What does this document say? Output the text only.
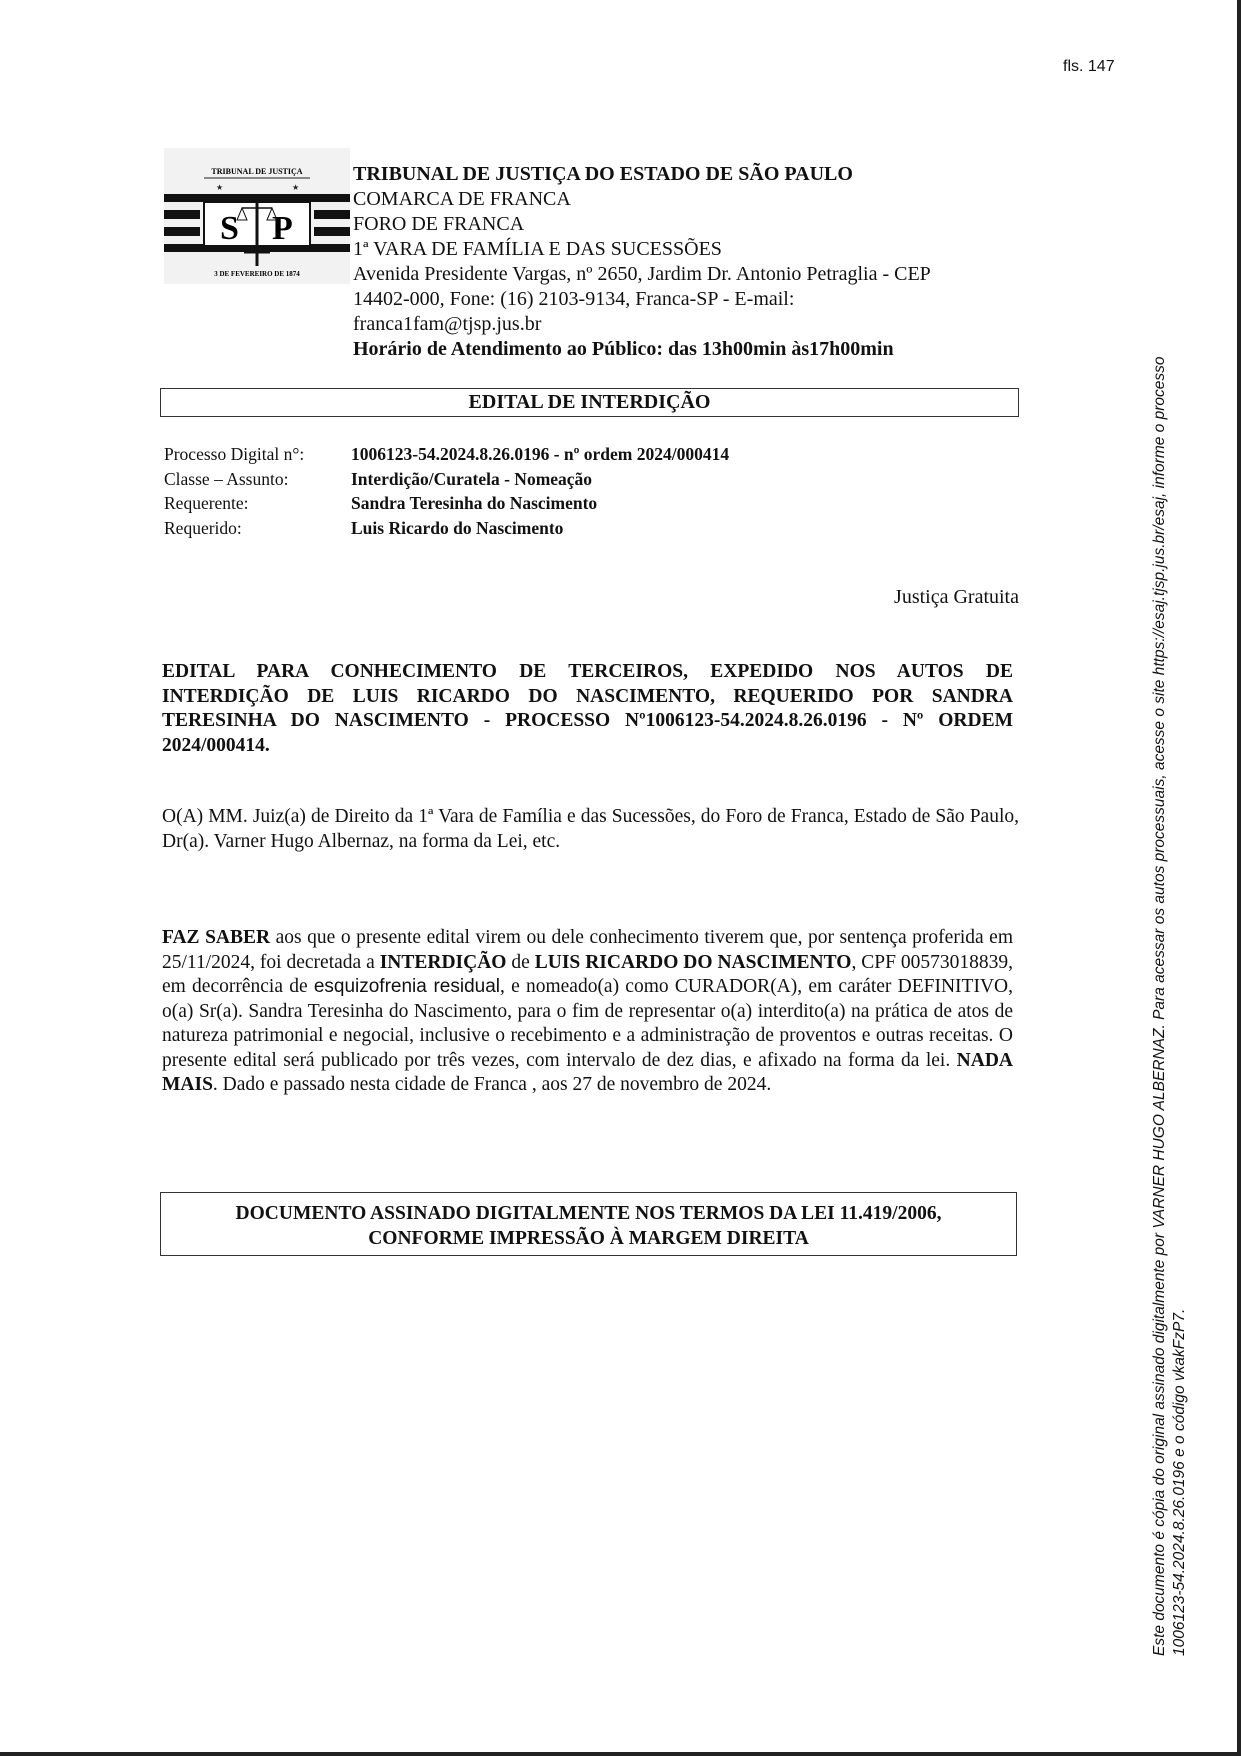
fls. 147
TRIBUNAL DE JUSTIÇA
★	★
S P
3 DE FEVEREIRO DE 1874
TRIBUNAL DE JUSTIÇA DO ESTADO DE SÃO PAULO
COMARCA DE FRANCA
FORO DE FRANCA
1ª VARA DE FAMÍLIA E DAS SUCESSÕES
Avenida Presidente Vargas, nº 2650, Jardim Dr. Antonio Petraglia - CEP
14402-000, Fone: (16) 2103-9134, Franca-SP - E-mail:
franca1fam@tjsp.jus.br
Horário de Atendimento ao Público: das 13h00min às17h00min
EDITAL DE INTERDIÇÃO
Processo Digital n°:	1006123-54.2024.8.26.0196 - nº ordem 2024/000414
Classe – Assunto:	Interdição/Curatela - Nomeação
Requerente:	Sandra Teresinha do Nascimento
Requerido:	Luis Ricardo do Nascimento
Justiça Gratuita
EDITAL PARA CONHECIMENTO DE TERCEIROS, EXPEDIDO NOS AUTOS DE INTERDIÇÃO DE LUIS RICARDO DO NASCIMENTO, REQUERIDO POR SANDRA TERESINHA DO NASCIMENTO - PROCESSO Nº1006123-54.2024.8.26.0196 - Nº ORDEM 2024/000414.
O(A) MM. Juiz(a) de Direito da 1ª Vara de Família e das Sucessões, do Foro de Franca, Estado de São Paulo, Dr(a). Varner Hugo Albernaz, na forma da Lei, etc.
FAZ SABER aos que o presente edital virem ou dele conhecimento tiverem que, por sentença proferida em 25/11/2024, foi decretada a INTERDIÇÃO de LUIS RICARDO DO NASCIMENTO, CPF 00573018839, em decorrência de esquizofrenia residual, e nomeado(a) como CURADOR(A), em caráter DEFINITIVO, o(a) Sr(a). Sandra Teresinha do Nascimento, para o fim de representar o(a) interdito(a) na prática de atos de natureza patrimonial e negocial, inclusive o recebimento e a administração de proventos e outras receitas. O presente edital será publicado por três vezes, com intervalo de dez dias, e afixado na forma da lei. NADA MAIS. Dado e passado nesta cidade de Franca , aos 27 de novembro de 2024.
DOCUMENTO ASSINADO DIGITALMENTE NOS TERMOS DA LEI 11.419/2006,
CONFORME IMPRESSÃO À MARGEM DIREITA	Este documento é cópia do original assinado digitalmente por VARNER HUGO ALBERNAZ. Para acessar os autos processuais, acesse o site https://esaj.tjsp.jus.br/esaj, informe o processo 1006123-54.2024.8.26.0196 e o código vkakFzP7.
